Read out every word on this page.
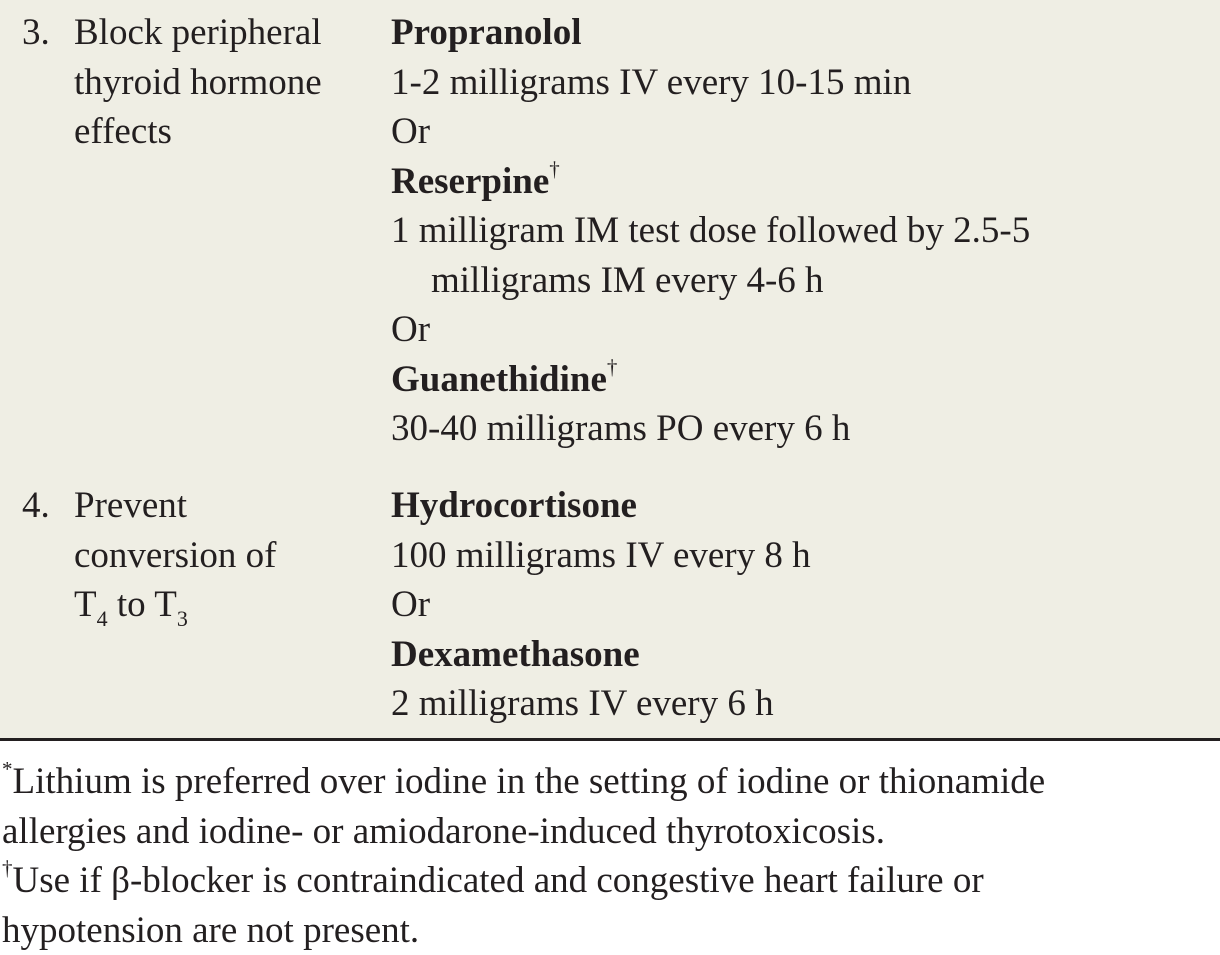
3. Block peripheral
thyroid hormone
effects
Propranolol
1-2 milligrams IV every 10-15 min
Or
Reserpine†
1 milligram IM test dose followed by 2.5-5
milligrams IM every 4-6 h
Or
Guanethidine†
30-40 milligrams PO every 6 h
4. Prevent
conversion of
$T_4$ to $T_3$
Hydrocortisone
100 milligrams IV every 8 h
Or
Dexamethasone
2 milligrams IV every 6 h
*Lithium is preferred over iodine in the setting of iodine or thionamide
allergies and iodine- or amiodarone-induced thyrotoxicosis.
†Use if β-blocker is contraindicated and congestive heart failure or
hypotension are not present.
